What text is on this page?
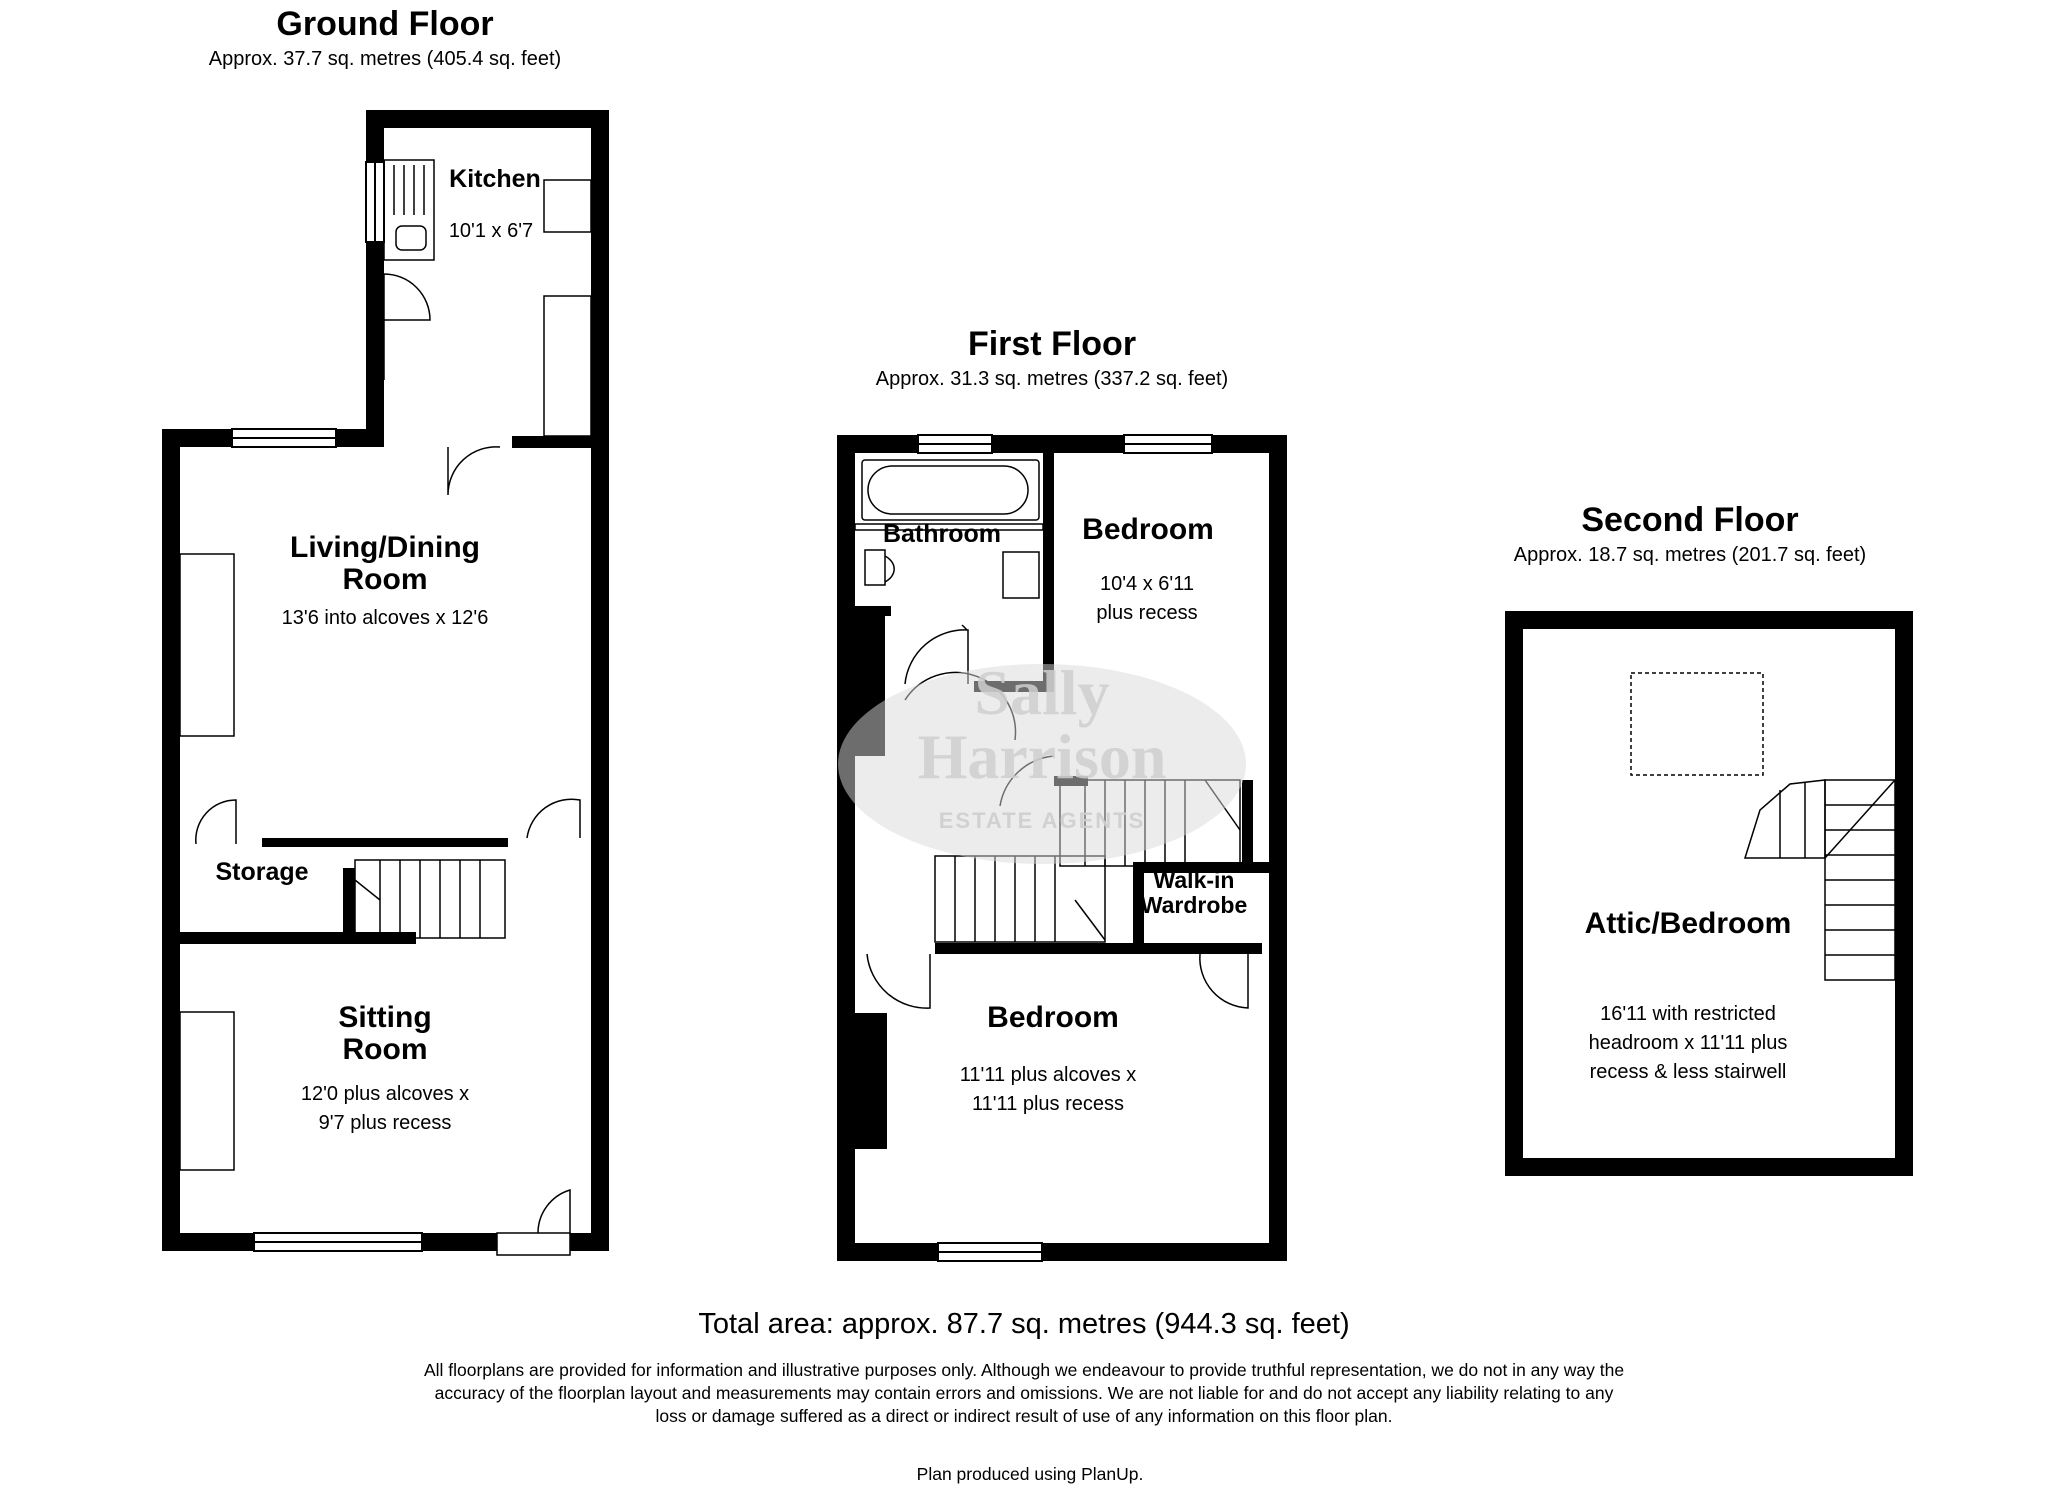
Sally
Harrison
ESTATE AGENTS
Ground Floor
Approx. 37.7 sq. metres (405.4 sq. feet)
Kitchen
10'1 x 6'7
Living/Dining
Room
13'6 into alcoves x 12'6
Storage
Sitting
Room
12'0 plus alcoves x
9'7 plus recess
First Floor
Approx. 31.3 sq. metres (337.2 sq. feet)
Bathroom	Bedroom
10'4 x 6'11
plus recess
Walk-in
Wardrobe
Bedroom
11'11 plus alcoves x
11'11 plus recess
Second Floor
Approx. 18.7 sq. metres (201.7 sq. feet)
Attic/Bedroom
16'11 with restricted
headroom x 11'11 plus
recess & less stairwell
Total area: approx. 87.7 sq. metres (944.3 sq. feet)
All floorplans are provided for information and illustrative purposes only. Although we endeavour to provide truthful representation, we do not in any way the
accuracy of the floorplan layout and measurements may contain errors and omissions. We are not liable for and do not accept any liability relating to any
loss or damage suffered as a direct or indirect result of use of any information on this floor plan.
Plan produced using PlanUp.
